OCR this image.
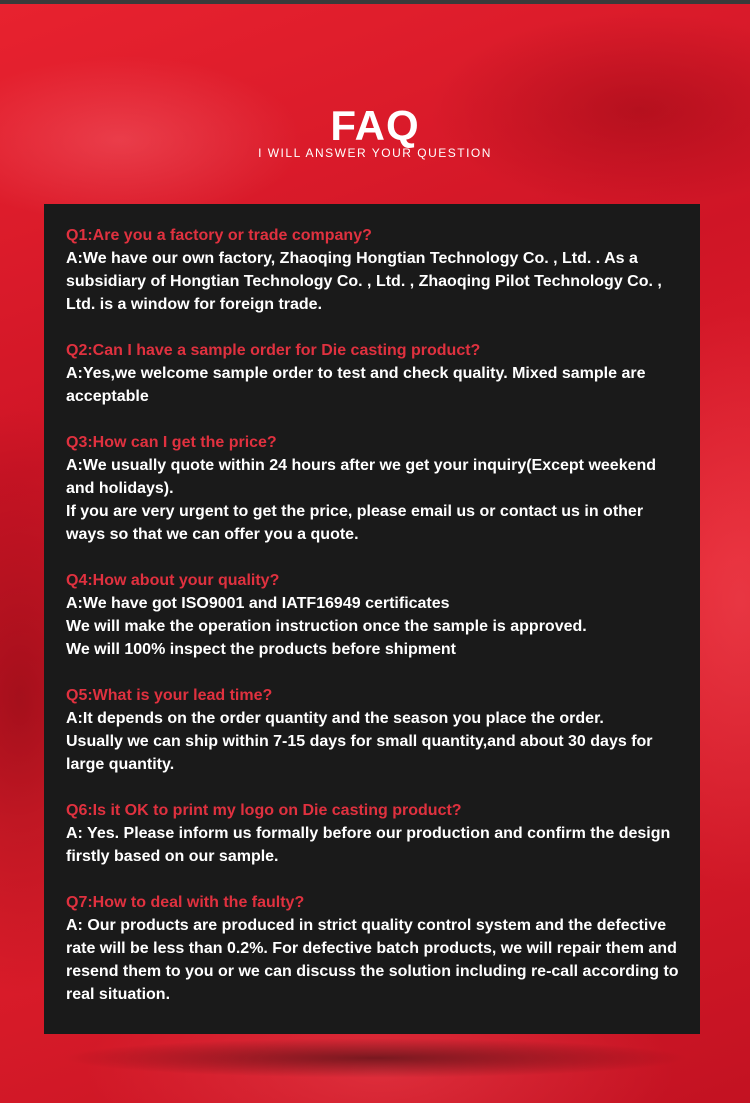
FAQ
I WILL ANSWER YOUR QUESTION
Q1:Are you a factory or trade company?
A:We have our own factory, Zhaoqing Hongtian Technology Co. , Ltd. . As a
subsidiary of Hongtian Technology Co. , Ltd. , Zhaoqing Pilot Technology Co. ,
Ltd. is a window for foreign trade.
Q2:Can I have a sample order for Die casting product?
A:Yes,we welcome sample order to test and check quality. Mixed sample are
acceptable
Q3:How can I get the price?
A:We usually quote within 24 hours after we get your inquiry(Except weekend
and holidays).
If you are very urgent to get the price, please email us or contact us in other
ways so that we can offer you a quote.
Q4:How about your quality?
A:We have got ISO9001 and IATF16949 certificates
We will make the operation instruction once the sample is approved.
We will 100% inspect the products before shipment
Q5:What is your lead time?
A:It depends on the order quantity and the season you place the order.
Usually we can ship within 7-15 days for small quantity,and about 30 days for
large quantity.
Q6:Is it OK to print my logo on Die casting product?
A: Yes. Please inform us formally before our production and confirm the design
firstly based on our sample.
Q7:How to deal with the faulty?
A: Our products are produced in strict quality control system and the defective
rate will be less than 0.2%. For defective batch products, we will repair them and
resend them to you or we can discuss the solution including re-call according to
real situation.
